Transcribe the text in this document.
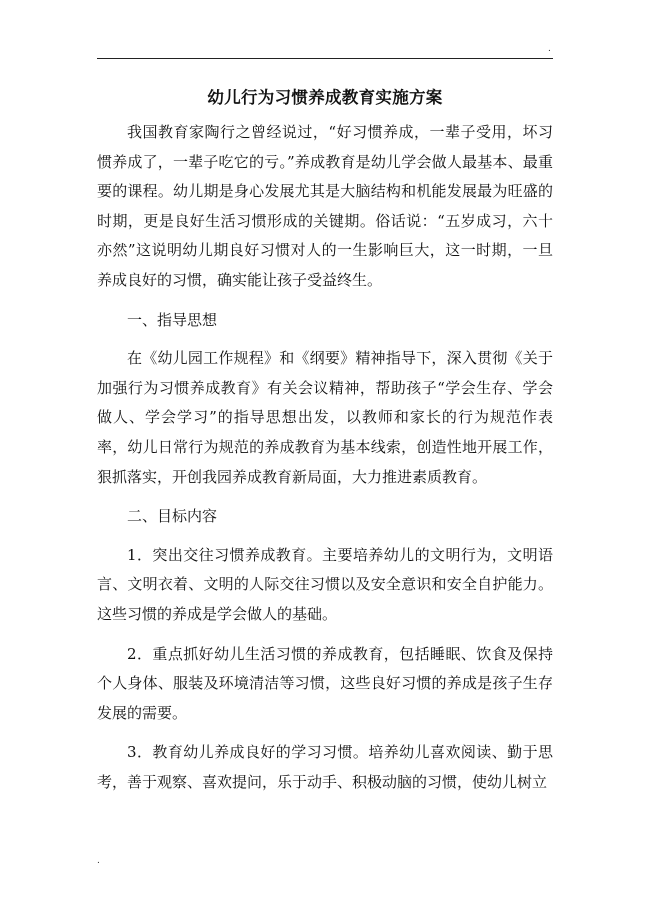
.
幼儿行为习惯养成教育实施方案

我国教育家陶行之曾经说过，“好习惯养成，一辈子受用，坏习惯养成了，一辈子吃它的亏。”养成教育是幼儿学会做人最基本、最重要的课程。幼儿期是身心发展尤其是大脑结构和机能发展最为旺盛的时期，更是良好生活习惯形成的关键期。俗话说：“五岁成习，六十亦然”这说明幼儿期良好习惯对人的一生影响巨大，这一时期，一旦养成良好的习惯，确实能让孩子受益终生。

一、指导思想

在《幼儿园工作规程》和《纲要》精神指导下，深入贯彻《关于加强行为习惯养成教育》有关会议精神，帮助孩子“学会生存、学会做人、学会学习”的指导思想出发，以教师和家长的行为规范作表率，幼儿日常行为规范的养成教育为基本线索，创造性地开展工作，狠抓落实，开创我园养成教育新局面，大力推进素质教育。

二、目标内容

1．突出交往习惯养成教育。主要培养幼儿的文明行为，文明语言、文明衣着、文明的人际交往习惯以及安全意识和安全自护能力。这些习惯的养成是学会做人的基础。

2．重点抓好幼儿生活习惯的养成教育，包括睡眠、饮食及保持个人身体、服装及环境清洁等习惯，这些良好习惯的养成是孩子生存发展的需要。

3．教育幼儿养成良好的学习习惯。培养幼儿喜欢阅读、勤于思考，善于观察、喜欢提问，乐于动手、积极动脑的习惯，使幼儿树立

.
